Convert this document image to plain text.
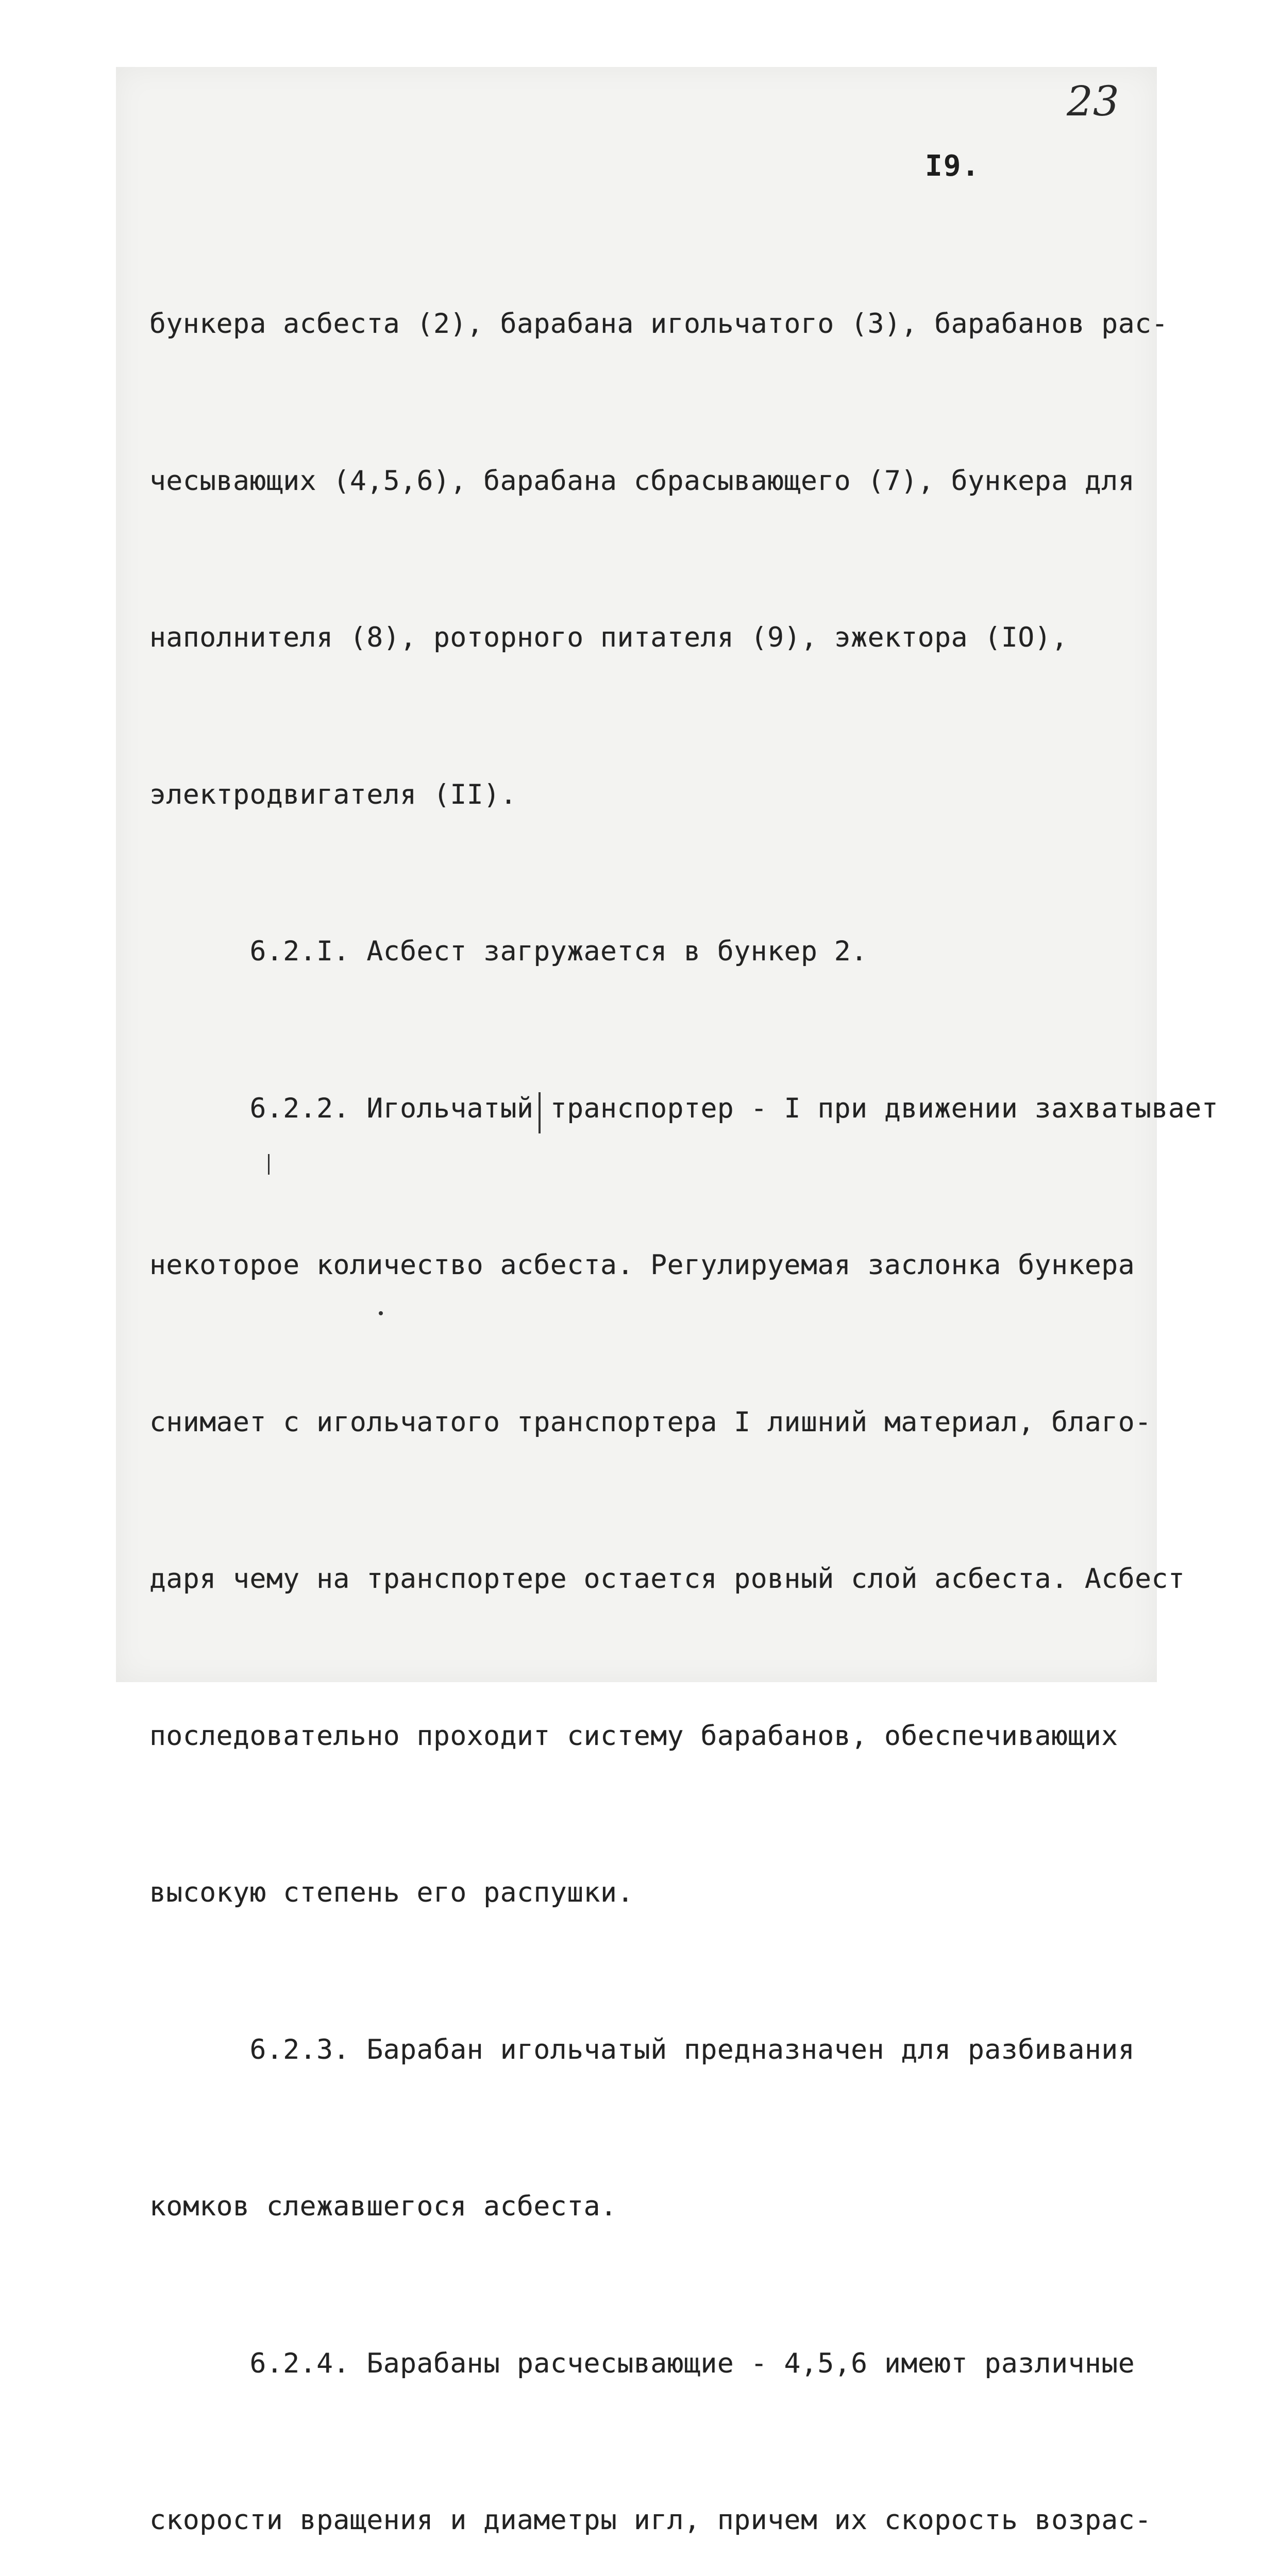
23
I9.

бункера асбеста (2), барабана игольчатого (3), барабанов рас-

чесывающих (4,5,6), барабана сбрасывающего (7), бункера для

наполнителя (8), роторного питателя (9), эжектора (IO),

электродвигателя (II).

6.2.I. Асбест загружается в бункер 2.

6.2.2. Игольчатый транспортер - I при движении захватывает

некоторое количество асбеста. Регулируемая заслонка бункера

снимает с игольчатого транспортера I лишний материал, благо-

даря чему на транспортере остается ровный слой асбеста. Асбест

последовательно проходит систему барабанов, обеспечивающих

высокую степень его распушки.

6.2.3. Барабан игольчатый предназначен для разбивания

комков слежавшегося асбеста.

6.2.4. Барабаны расчесывающие - 4,5,6 имеют различные

скорости вращения и диаметры игл, причем их скорость возрас-
